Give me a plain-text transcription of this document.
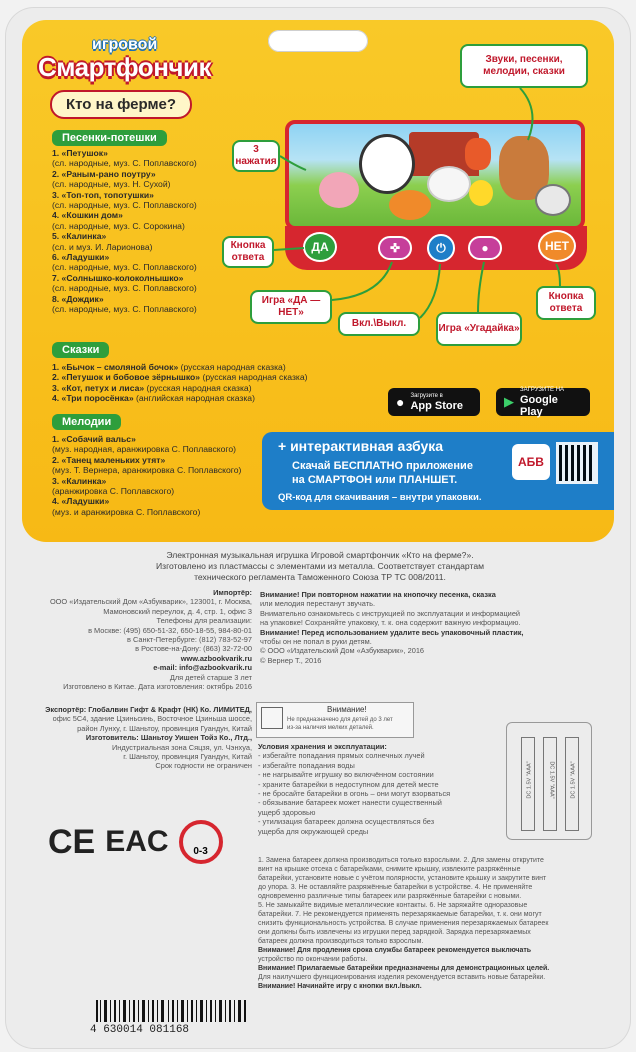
игровой
Смартфончик
Кто на ферме?
Песенки-потешки
1. «Петушок»
(сл. народные, муз. С. Поплавского)
2. «Раным-рано поутру»
(сл. народные, муз. Н. Сухой)
3. «Топ-топ, топотушки»
(сл. народные, муз. С. Поплавского)
4. «Кошкин дом»
(сл. народные, муз. С. Сорокина)
5. «Калинка»
(сл. и муз. И. Ларионова)
6. «Ладушки»
(сл. народные, муз. С. Поплавского)
7. «Солнышко-колоколнышко»
(сл. народные, муз. С. Поплавского)
8. «Дождик»
(сл. народные, муз. С. Поплавского)
Сказки
1. «Бычок – смоляной бочок» (русская народная сказка)
2. «Петушок и бобовое зёрнышко» (русская народная сказка)
3. «Кот, петух и лиса» (русская народная сказка)
4. «Три поросёнка» (английская народная сказка)
Мелодии
1. «Собачий вальс»
(муз. народная, аранжировка С. Поплавского)
2. «Танец маленьких утят»
(муз. Т. Вернера, аранжировка С. Поплавского)
3. «Калинка»
(аранжировка С. Поплавского)
4. «Ладушки»
(муз. и аранжировка С. Поплавского)
ДА	✜	⏻	●	НЕТ
Звуки, песенки, мелодии, сказки
3 нажатия
Кнопка ответа
Игра «ДА — НЕТ»
Вкл.\Выкл.	Игра «Угадайка»
Кнопка ответа
● Загрузите в
App Store	▶
ЗАГРУЗИТЕ НА
Google Play
+ интерактивная азбука
Скачай БЕСПЛАТНО приложение
на СМАРТФОН или ПЛАНШЕТ.
QR-код для скачивания – внутри упаковки.
АБВ
Электронная музыкальная игрушка Игровой смартфончик «Кто на ферме?».
Изготовлено из пластмассы с элементами из металла. Соответствует стандартам
технического регламента Таможенного Союза ТР ТС 008/2011.
Импортёр:
ООО «Издательский Дом «Азбукварик», 123001, г. Москва,
Мамоновский переулок, д. 4, стр. 1, офис 3
Телефоны для реализации:
в Москве: (495) 650-51-32, 650-18-55, 984-80-01
в Санкт-Петербурге: (812) 783-52-97
в Ростове-на-Дону: (863) 32-72-00
www.azbookvarik.ru
e-mail: info@azbookvarik.ru
Для детей старше 3 лет
Изготовлено в Китае. Дата изготовления: октябрь 2016
Экспортёр: Глобалвин Гифт & Крафт (НК) Ко. ЛИМИТЕД,
офис 5С4, здание Цзиньсинь, Восточное Цзиньша шоссе,
район Лунху, г. Шаньтоу, провинция Гуандун, Китай
Изготовитель: Шаньтоу Уишен Тойз Ко., Лтд.,
Индустриальная зона Сяцзя, ул. Чэнхуа,
г. Шаньтоу, провинция Гуандун, Китай
Срок годности не ограничен
Внимание! При повторном нажатии на кнопочку песенка, сказка
или мелодия перестанут звучать.
Внимательно ознакомьтесь с инструкцией по эксплуатации и информацией
на упаковке! Сохраняйте упаковку, т. к. она содержит важную информацию.
Внимание! Перед использованием удалите весь упаковочный пластик,
чтобы он не попал в руки детям.
© ООО «Издательский Дом «Азбукварик», 2016
© Вернер Т., 2016
Внимание!
Не предназначено для детей до 3 лет
из-за наличия мелких деталей.
Условия хранения и эксплуатации:
- избегайте попадания прямых солнечных лучей
- избегайте попадания воды
- не нагрывайте игрушку во включённом состоянии
- храните батарейки в недоступном для детей месте
- не бросайте батарейки в огонь – они могут взорваться
- обязывание батареек может нанести существенный
ущерб здоровью
- утилизация батареек должна осуществляться без
ущерба для окружающей среды
DC 1.5V "AAA"	DC 1.5V "AAA"	DC 1.5V "AAA"
1. Замена батареек должна производиться только взрослыми. 2. Для замены открутите
винт на крышке отсека с батарейками, снимите крышку, извлеките разряжённые
батарейки, установите новые с учётом полярности, установите крышку и закрутите винт
до упора. 3. Не оставляйте разряжённые батарейки в устройстве. 4. Не применяйте
одновременно различные типы батареек или разряжённые батарейки с новыми.
5. Не замыкайте видимые металлические контакты. 6. Не заряжайте одноразовые
батарейки. 7. Не рекомендуется применять перезаряжаемые батарейки, т. к. они могут
снизить функциональность устройства. В случае применения перезаряжаемых батареек
они должны быть извлечены из игрушки перед зарядкой. Зарядка перезаряжаемых
батареек должна производиться только взрослым.
Внимание! Для продления срока службы батареек рекомендуется выключать
устройство по окончании работы.
Внимание! Прилагаемые батарейки предназначены для демонстрационных целей.
Для наилучшего функционирования изделия рекомендуется вставить новые батарейки.
Внимание! Начинайте игру с кнопки вкл./выкл.
CE EAC 0-3
4 630014 081168
